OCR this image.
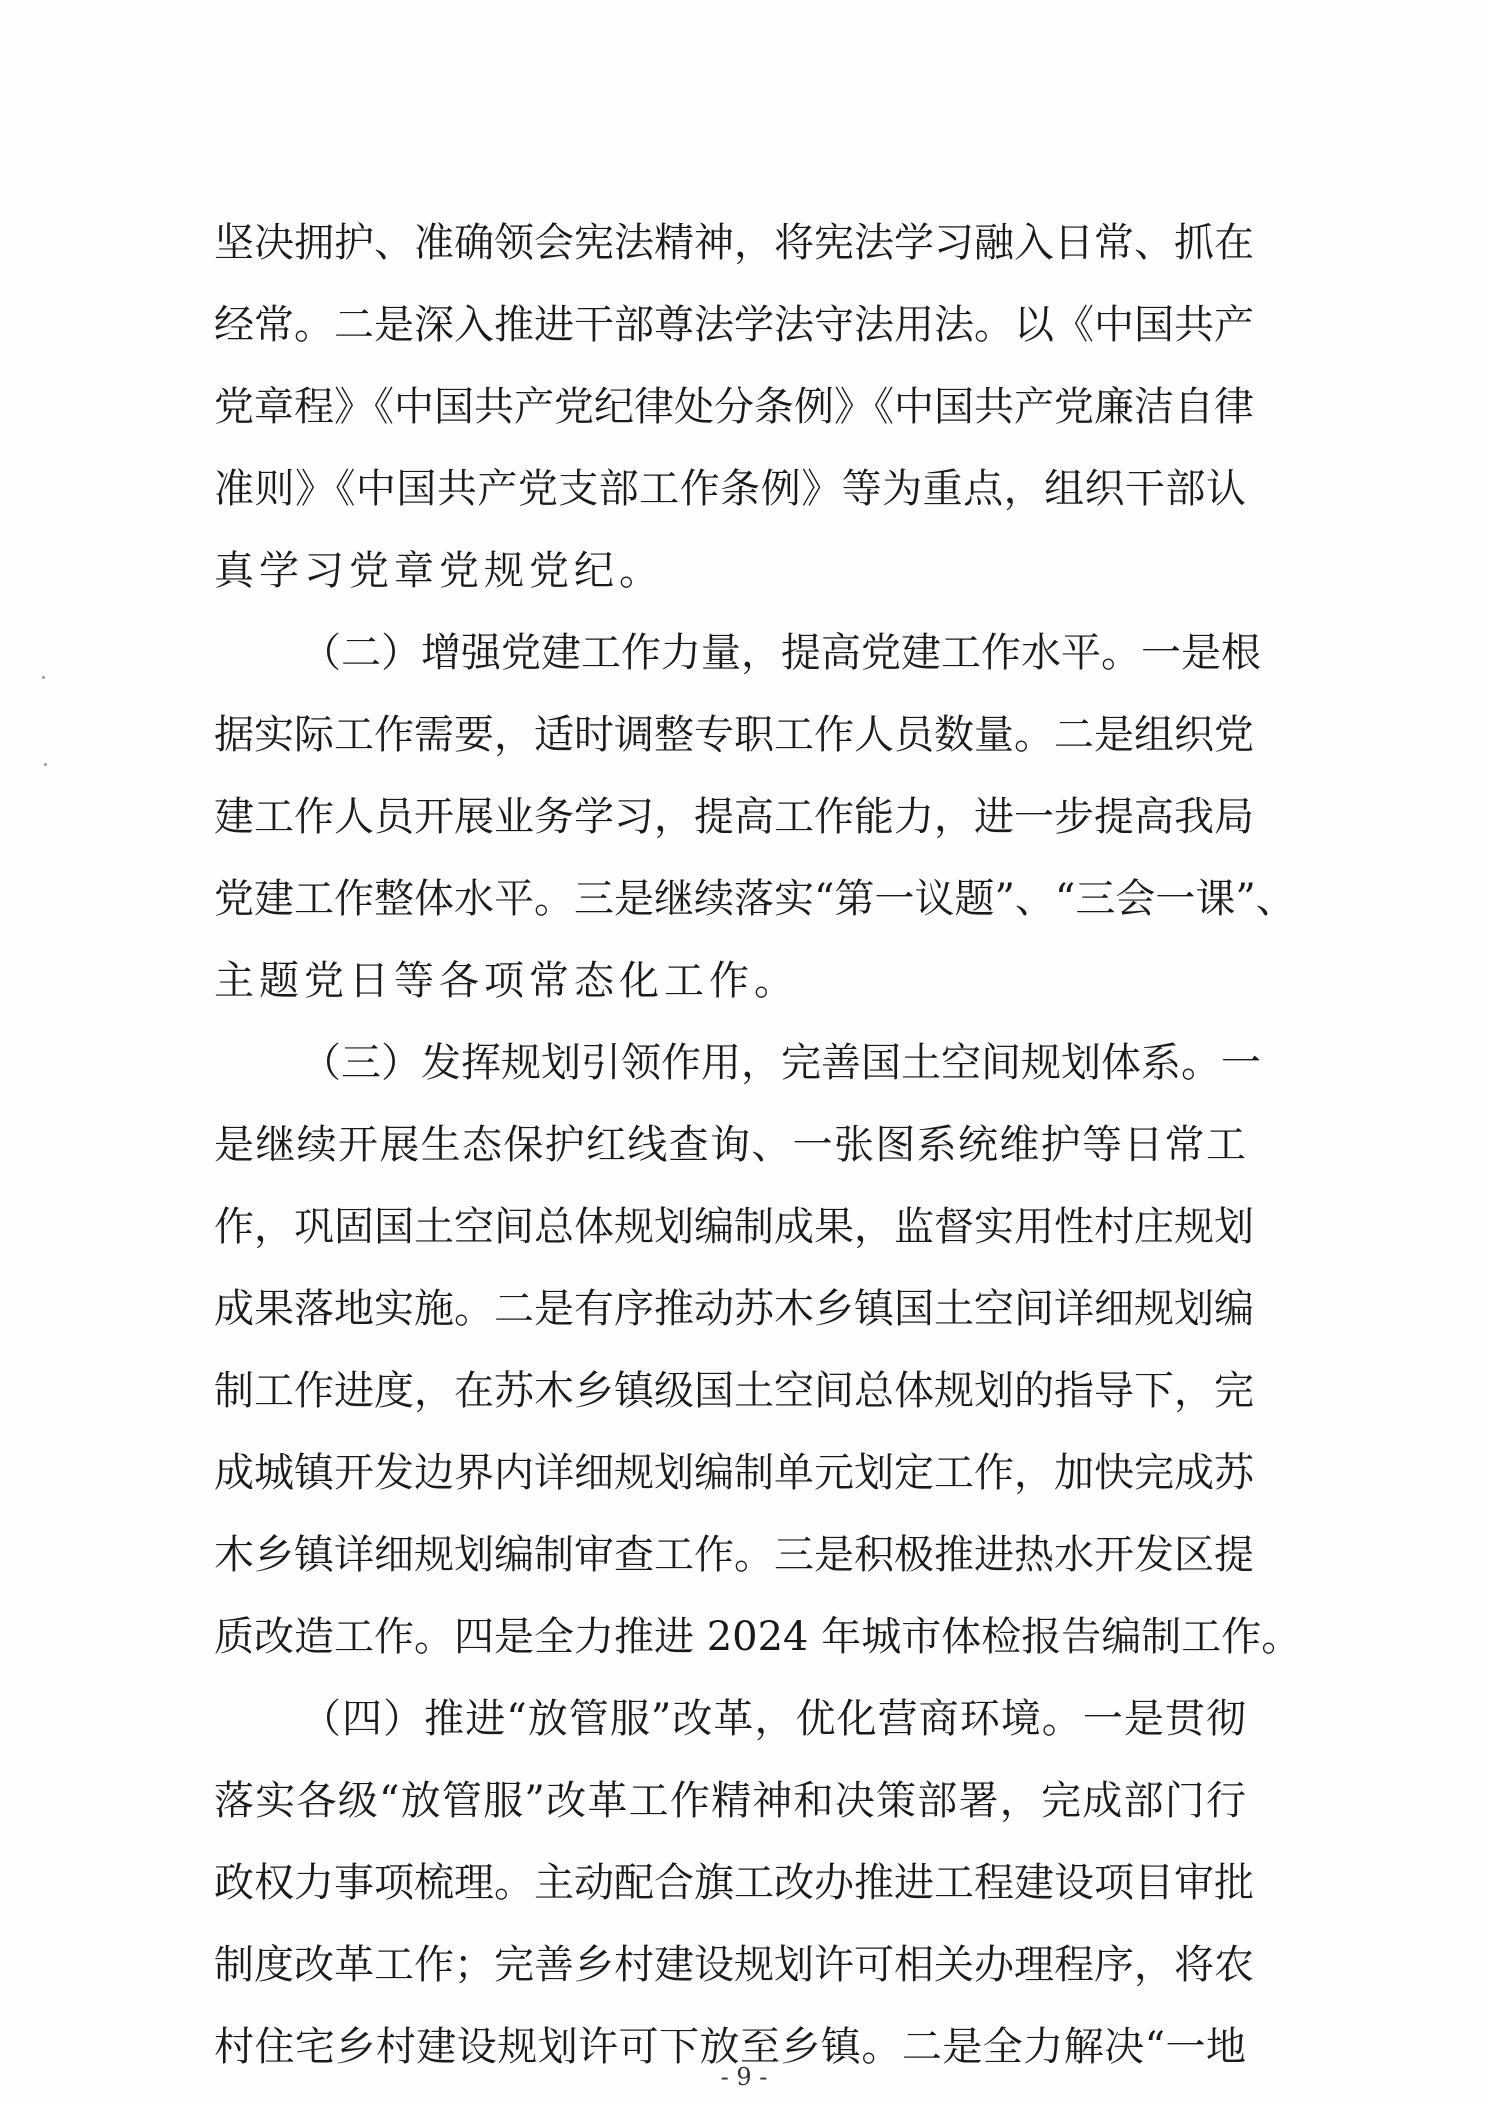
坚决拥护、准确领会宪法精神，将宪法学习融入日常、抓在
经常。二是深入推进干部尊法学法守法用法。以《中国共产
党章程》《中国共产党纪律处分条例》《中国共产党廉洁自律
准则》《中国共产党支部工作条例》等为重点，组织干部认
真学习党章党规党纪。
（二）增强党建工作力量，提高党建工作水平。一是根
据实际工作需要，适时调整专职工作人员数量。二是组织党
建工作人员开展业务学习，提高工作能力，进一步提高我局
党建工作整体水平。三是继续落实“第一议题”、“三会一课”、
主题党日等各项常态化工作。
（三）发挥规划引领作用，完善国土空间规划体系。一
是继续开展生态保护红线查询、一张图系统维护等日常工
作，巩固国土空间总体规划编制成果，监督实用性村庄规划
成果落地实施。二是有序推动苏木乡镇国土空间详细规划编
制工作进度，在苏木乡镇级国土空间总体规划的指导下，完
成城镇开发边界内详细规划编制单元划定工作，加快完成苏
木乡镇详细规划编制审查工作。三是积极推进热水开发区提
质改造工作。四是全力推进 2024 年城市体检报告编制工作。
（四）推进“放管服”改革，优化营商环境。一是贯彻
落实各级“放管服”改革工作精神和决策部署，完成部门行
政权力事项梳理。主动配合旗工改办推进工程建设项目审批
制度改革工作；完善乡村建设规划许可相关办理程序，将农
村住宅乡村建设规划许可下放至乡镇。二是全力解决“一地
- 9 -
